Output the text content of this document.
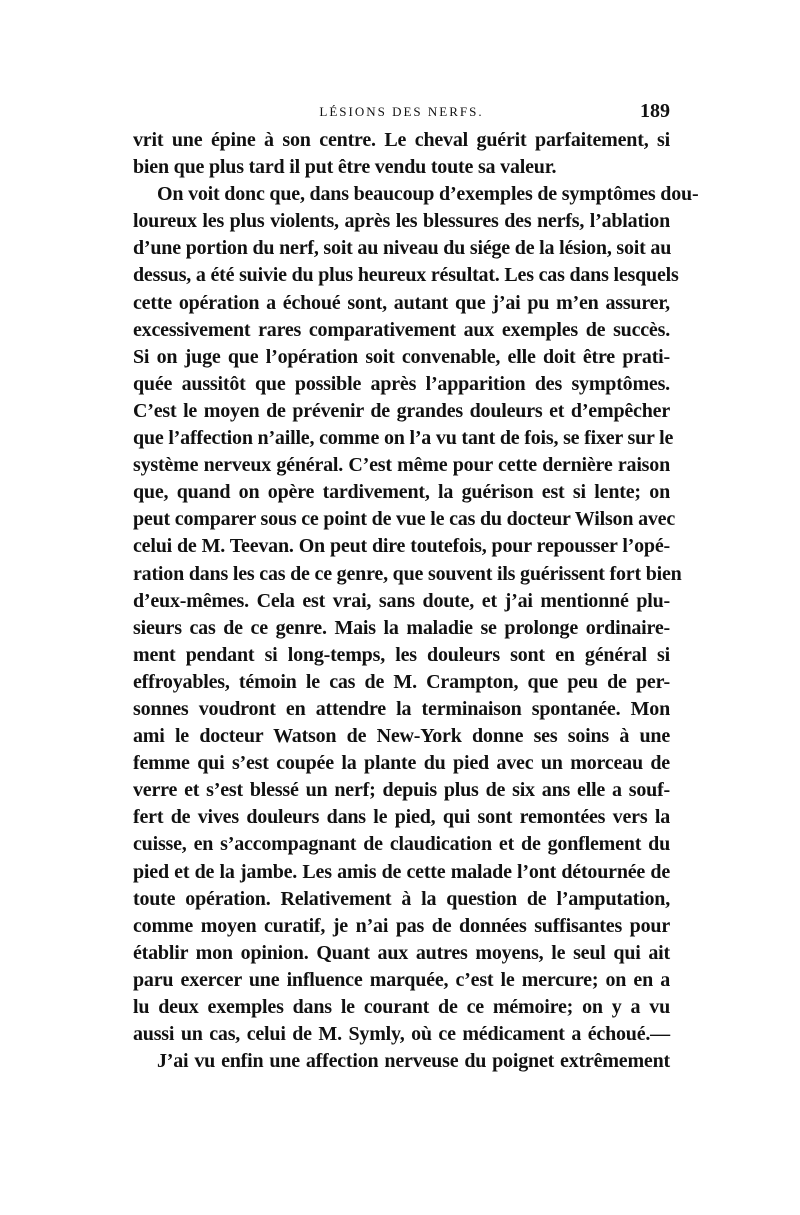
LÉSIONS DES NERFS.	189
vrit une épine à son centre. Le cheval guérit parfaitement, si
bien que plus tard il put être vendu toute sa valeur.
On voit donc que, dans beaucoup d’exemples de symptômes dou-
loureux les plus violents, après les blessures des nerfs, l’ablation
d’une portion du nerf, soit au niveau du siége de la lésion, soit au
dessus, a été suivie du plus heureux résultat. Les cas dans lesquels
cette opération a échoué sont, autant que j’ai pu m’en assurer,
excessivement rares comparativement aux exemples de succès.
Si on juge que l’opération soit convenable, elle doit être prati-
quée aussitôt que possible après l’apparition des symptômes.
C’est le moyen de prévenir de grandes douleurs et d’empêcher
que l’affection n’aille, comme on l’a vu tant de fois, se fixer sur le
système nerveux général. C’est même pour cette dernière raison
que, quand on opère tardivement, la guérison est si lente; on
peut comparer sous ce point de vue le cas du docteur Wilson avec
celui de M. Teevan. On peut dire toutefois, pour repousser l’opé-
ration dans les cas de ce genre, que souvent ils guérissent fort bien
d’eux-mêmes. Cela est vrai, sans doute, et j’ai mentionné plu-
sieurs cas de ce genre. Mais la maladie se prolonge ordinaire-
ment pendant si long-temps, les douleurs sont en général si
effroyables, témoin le cas de M. Crampton, que peu de per-
sonnes voudront en attendre la terminaison spontanée. Mon
ami le docteur Watson de New-York donne ses soins à une
femme qui s’est coupée la plante du pied avec un morceau de
verre et s’est blessé un nerf; depuis plus de six ans elle a souf-
fert de vives douleurs dans le pied, qui sont remontées vers la
cuisse, en s’accompagnant de claudication et de gonflement du
pied et de la jambe. Les amis de cette malade l’ont détournée de
toute opération. Relativement à la question de l’amputation,
comme moyen curatif, je n’ai pas de données suffisantes pour
établir mon opinion. Quant aux autres moyens, le seul qui ait
paru exercer une influence marquée, c’est le mercure; on en a
lu deux exemples dans le courant de ce mémoire; on y a vu
aussi un cas, celui de M. Symly, où ce médicament a échoué.—
J’ai vu enfin une affection nerveuse du poignet extrêmement
